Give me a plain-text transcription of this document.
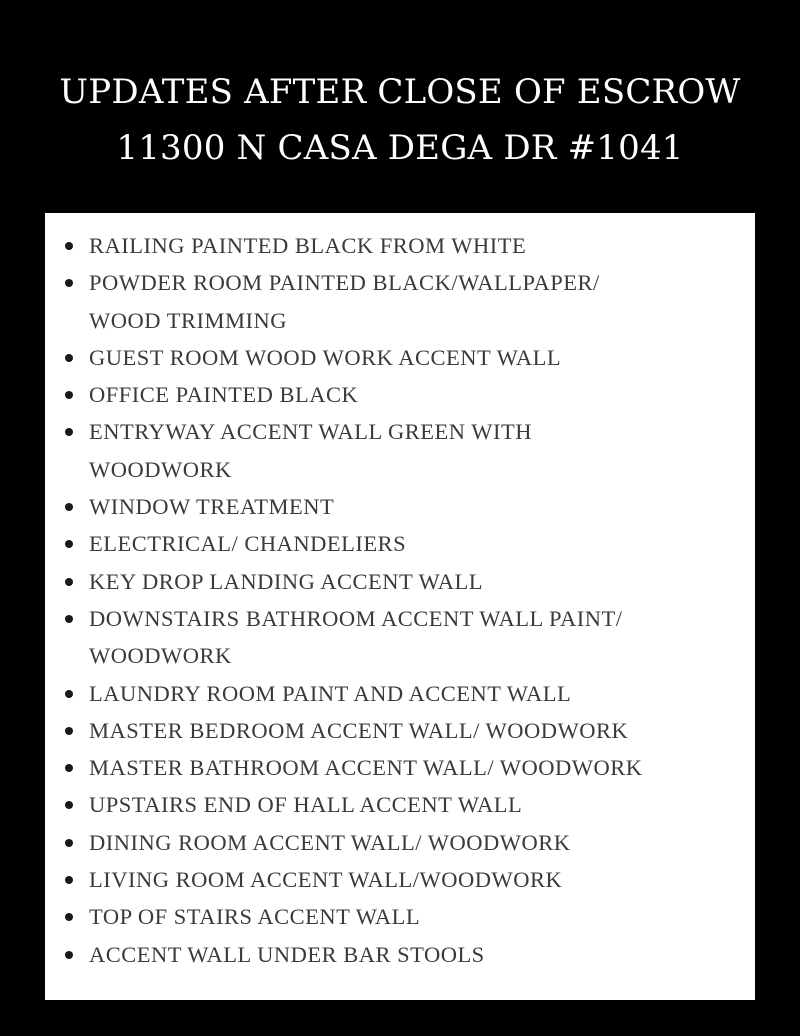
UPDATES AFTER CLOSE OF ESCROW
11300 N CASA DEGA DR #1041
RAILING PAINTED BLACK FROM WHITE
POWDER ROOM PAINTED BLACK/WALLPAPER/
WOOD TRIMMING
GUEST ROOM WOOD WORK ACCENT WALL
OFFICE PAINTED BLACK
ENTRYWAY ACCENT WALL GREEN WITH
WOODWORK
WINDOW TREATMENT
ELECTRICAL/ CHANDELIERS
KEY DROP LANDING ACCENT WALL
DOWNSTAIRS BATHROOM ACCENT WALL PAINT/
WOODWORK
LAUNDRY ROOM PAINT AND ACCENT WALL
MASTER BEDROOM ACCENT WALL/ WOODWORK
MASTER BATHROOM ACCENT WALL/ WOODWORK
UPSTAIRS END OF HALL ACCENT WALL
DINING ROOM ACCENT WALL/ WOODWORK
LIVING ROOM ACCENT WALL/WOODWORK
TOP OF STAIRS ACCENT WALL
ACCENT WALL UNDER BAR STOOLS
